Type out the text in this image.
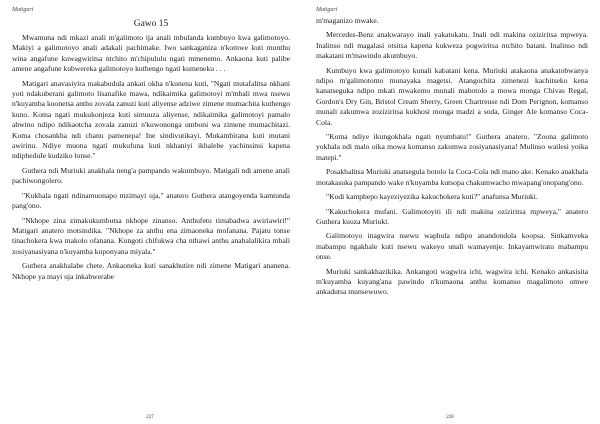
Matigari
Gawo 15

Mwamuna ndi mkazi anali m'galimoto ija anali mbulanda kumbuyo kwa galimotoyo. Makiyi a galimotoyo anali adakali pachimake. Iwo sankaganiza n'komwe kuti munthu wina angafune kuwagwiritsa ntchito m'chipululu ngati mmenemo. Ankaona kuti palibe amene angafune kubwereka galimotoyo kuthengo ngati kumeneku . . .

Matigari anavasiyira makabudula ankati okha n'kunena kuti, "Ngati mutafalitsa nkhani yoti ndakuberani galimoto lisanafike mawa, ndikaimika galimotoyi m'mbali mwa nsewu n'kuyamba kuonetsa anthu zovala zanuzi kuti aliyense adziwe zimene mumachita kuthengo kuno. Koma ngati mukukonjeza kuti simuuza aliyense, ndikaimika galimotoyi pamalo abwino ndipo ndikaotcha zovala zanuzi n'kuwononga umboni wa zimene mumachitazi. Koma chosankha ndi chanu pamenepa! Ine sindivutikayi. Mukambirana kuti mutani awirinu. Ndiye muona ngati mukufuna kuti nkhaniyi ikhalebe yachinsinsi kapena ndipheduIe kudziko lonse."

Guthera ndi Muriuki anakhala neng'a pampando wakumbuyo. Matigali ndi amene anali pachiwongolero.

"Kukhala ngati ndinamuonapo mzimayi uja," anatero Guthera atangoyenda kamtunda pang'ono.

"Nkhope zina zimakukumbutsa nkhope zinanso. Anthufetu timabadwa awiriawiri!" Matigari anatero motsindika. "Nkhope za anthu ena zimaoneka mofanana. Pajatu tonse tinachokera kwa makolo ofanana. Kungoti chifukwa cha nthawi anthu anabalalikira mbali zosiyanasiyana n'kuyamba kuponyana miyala."

Guthera anakhalabe chete. Ankaoneka kuti sanakhutire ndi zimene Matigari ananena. Nkhope ya mayi uja inkabwerabe

227
Matigari

m'maganizo mwake.

Mercedes-Benz anakwarayo inali yakatukatu. Inali ndi makina oziziritsa mpweya. Inalinso ndi magalasi otsitsa kapena kukweza pogwiritsa ntchito batani. Inalinso ndi makatani m'mawindo akumbuyo.

Kumbuyo kwa galimotoyo kunali kabatani kena. Muriuki atakaona anakatobwanya ndipo m'galimotomo munayaka magetsi. Atangochita zimenezi kachitseko kena kanatseguka ndipo mkati mwakemo munali mabotolo a mowa monga Chivas Regal, Gordon's Dry Gin, Bristol Cream Sherry, Green Chartreuse ndi Dom Perignon, komanso munali zakumwa zoziziritsa kukhosi monga madzi a soda, Ginger Ale komanso Coca-Cola.

"Koma ndiye ikungokhala ngati nyumbatu!" Guthera anatero. "Zoona galimoto yokhala ndi malo oika mowa komanso zakumwa zosiyanasiyana! Mulinso wailesi yoika matepi."

Posakhalitsa Muriuki anatsegula botolo la Coca-Cola ndi mano ake. Kenako anakhala motakasuka pampando wake n'kuyamba kutsopa chakumwacho mwapang'onopang'ono.

"Kodi kamphepo kayeziyezika kakuchokera kuti?" anafunsa Muriuki.

"Kakuchokera mufani. Galimotoyiti ili ndi makina oziziritsa mpweya," anatero Guthera kuuza Muriuki.

Galimotoyo inagwira nsewu waphula ndipo anandondola koopsa. Sinkamveka mabampu ngakhale kuti nsewu wakeyo unali wamayenje. Inkayamwiratu mabampu onse.

Muriuki sankakhazikika. Ankangoti wagwira ichi, wagwira ichi. Kenako ankasisita m'kuyamba kuyang'ana pawindo n'kumaona anthu komanso magalimoto omwe ankadutsa munsewuwo.

228
